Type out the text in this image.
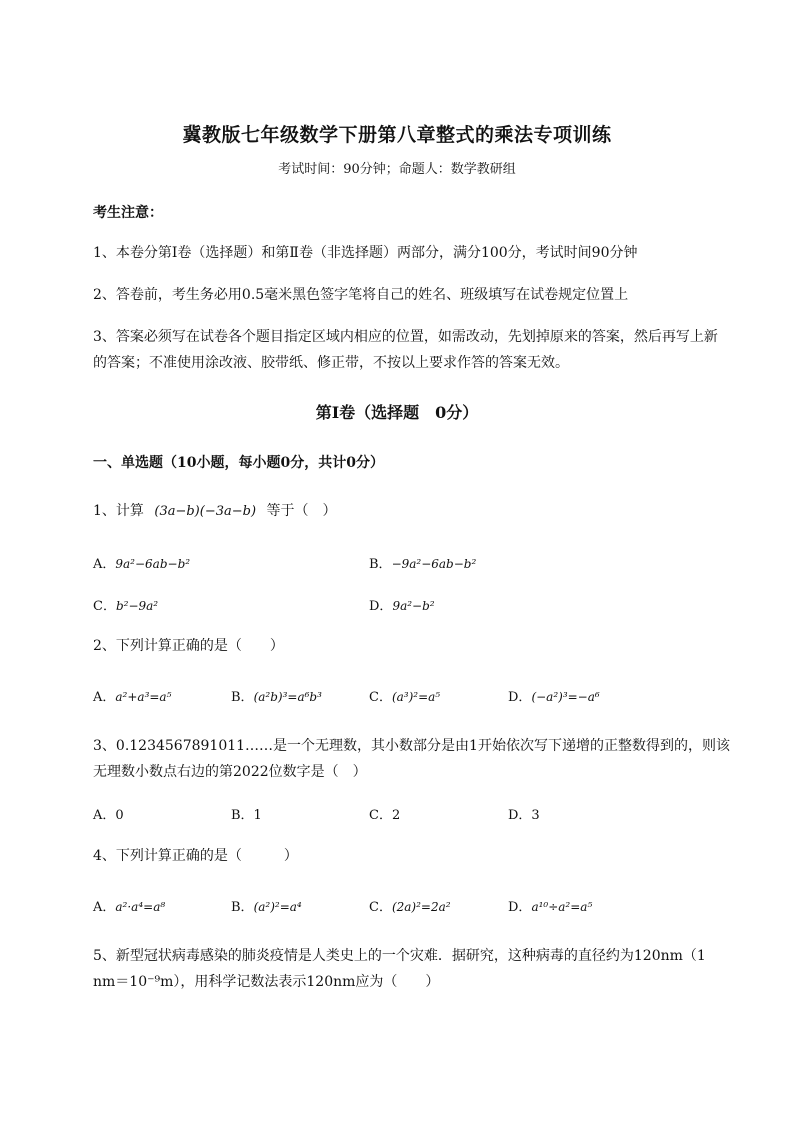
冀教版七年级数学下册第八章整式的乘法专项训练
考试时间：90分钟；命题人：数学教研组
考生注意：
1、本卷分第Ⅰ卷（选择题）和第Ⅱ卷（非选择题）两部分，满分100分，考试时间90分钟
2、答卷前，考生务必用0.5毫米黑色签字笔将自己的姓名、班级填写在试卷规定位置上
3、答案必须写在试卷各个题目指定区域内相应的位置，如需改动，先划掉原来的答案，然后再写上新
的答案；不准使用涂改液、胶带纸、修正带，不按以上要求作答的答案无效。
第Ⅰ卷（选择题　0分）
一、单选题（10小题，每小题0分，共计0分）
1、计算 (3a−b)(−3a−b) 等于（　）
A．9a²−6ab−b²	B．−9a²−6ab−b²
C．b²−9a²	D．9a²−b²
2、下列计算正确的是（　　）
A．a²+a³=a⁵	B．(a²b)³=a⁶b³	C．(a³)²=a⁵	D．(−a²)³=−a⁶
3、0.1234567891011……是一个无理数，其小数部分是由1开始依次写下递增的正整数得到的，则该
无理数小数点右边的第2022位数字是（　）
A．0	B．1	C．2	D．3
4、下列计算正确的是（　　　）
A．a²·a⁴=a⁸	B．(a²)²=a⁴	C．(2a)²=2a²	D．a¹⁰÷a²=a⁵
5、新型冠状病毒感染的肺炎疫情是人类史上的一个灾难．据研究，这种病毒的直径约为120nm（1
nm＝10⁻⁹m），用科学记数法表示120nm应为（　　）
